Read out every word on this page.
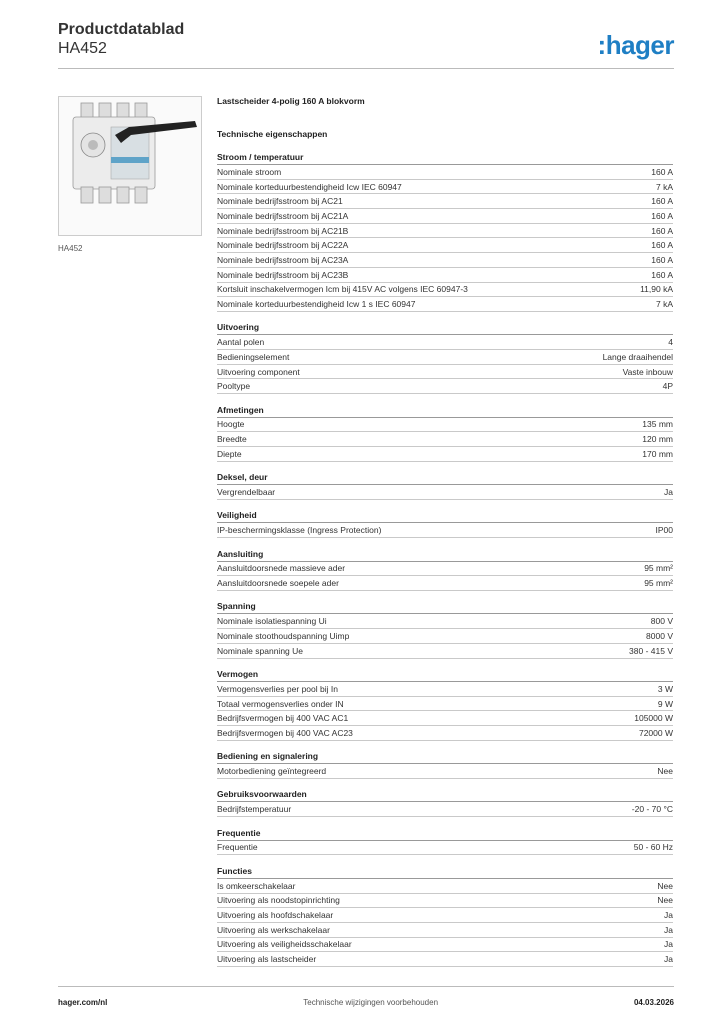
Productdatablad
HA452	:hager
HA452
Lastscheider 4-polig 160 A blokvorm
Technische eigenschappen
Stroom / temperatuur
Nominale stroom	160 A
Nominale korteduurbestendigheid Icw IEC 60947	7 kA
Nominale bedrijfsstroom bij AC21	160 A
Nominale bedrijfsstroom bij AC21A	160 A
Nominale bedrijfsstroom bij AC21B	160 A
Nominale bedrijfsstroom bij AC22A	160 A
Nominale bedrijfsstroom bij AC23A	160 A
Nominale bedrijfsstroom bij AC23B	160 A
Kortsluit inschakelvermogen Icm bij 415V AC volgens IEC 60947-3	11,90 kA
Nominale korteduurbestendigheid Icw 1 s IEC 60947	7 kA
Uitvoering
Aantal polen	4
Bedieningselement	Lange draaihendel
Uitvoering component	Vaste inbouw
Pooltype	4P
Afmetingen
Hoogte	135 mm
Breedte	120 mm
Diepte	170 mm
Deksel, deur
Vergrendelbaar	Ja
Veiligheid
IP-beschermingsklasse (Ingress Protection)	IP00
Aansluiting
Aansluitdoorsnede massieve ader	95 mm²
Aansluitdoorsnede soepele ader	95 mm²
Spanning
Nominale isolatiespanning Ui	800 V
Nominale stoothoudspanning Uimp	8000 V
Nominale spanning Ue	380 - 415 V
Vermogen
Vermogensverlies per pool bij In	3 W
Totaal vermogensverlies onder IN	9 W
Bedrijfsvermogen bij 400 VAC AC1	105000 W
Bedrijfsvermogen bij 400 VAC AC23	72000 W
Bediening en signalering
Motorbediening geïntegreerd	Nee
Gebruiksvoorwaarden
Bedrijfstemperatuur	-20 - 70 °C
Frequentie
Frequentie	50 - 60 Hz
Functies
Is omkeerschakelaar	Nee
Uitvoering als noodstopinrichting	Nee
Uitvoering als hoofdschakelaar	Ja
Uitvoering als werkschakelaar	Ja
Uitvoering als veiligheidsschakelaar	Ja
Uitvoering als lastscheider	Ja
hager.com/nl	Technische wijzigingen voorbehouden	04.03.2026
